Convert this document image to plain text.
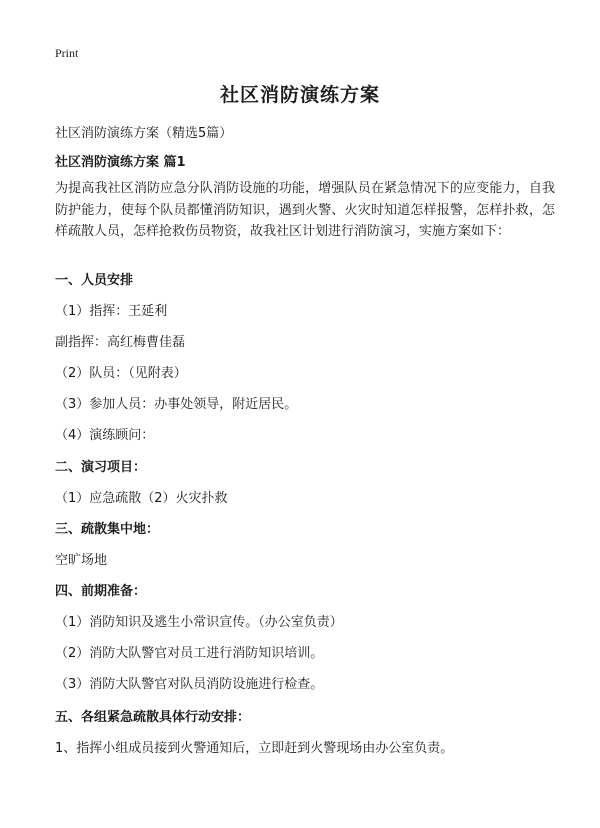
Print
社区消防演练方案
社区消防演练方案（精选5篇）
社区消防演练方案 篇1
为提高我社区消防应急分队消防设施的功能，增强队员在紧急情况下的应变能力，自我防护能力，使每个队员都懂消防知识，遇到火警、火灾时知道怎样报警，怎样扑救，怎样疏散人员，怎样抢救伤员物资，故我社区计划进行消防演习，实施方案如下：
一、人员安排
（1）指挥：王延利
副指挥：高红梅曹佳磊
（2）队员：（见附表）
（3）参加人员：办事处领导，附近居民。
（4）演练顾问：
二、演习项目：
（1）应急疏散（2）火灾扑救
三、疏散集中地：
空旷场地
四、前期准备：
（1）消防知识及逃生小常识宣传。（办公室负责）
（2）消防大队警官对员工进行消防知识培训。
（3）消防大队警官对队员消防设施进行检查。
五、各组紧急疏散具体行动安排：
1、指挥小组成员接到火警通知后，立即赶到火警现场由办公室负责。
